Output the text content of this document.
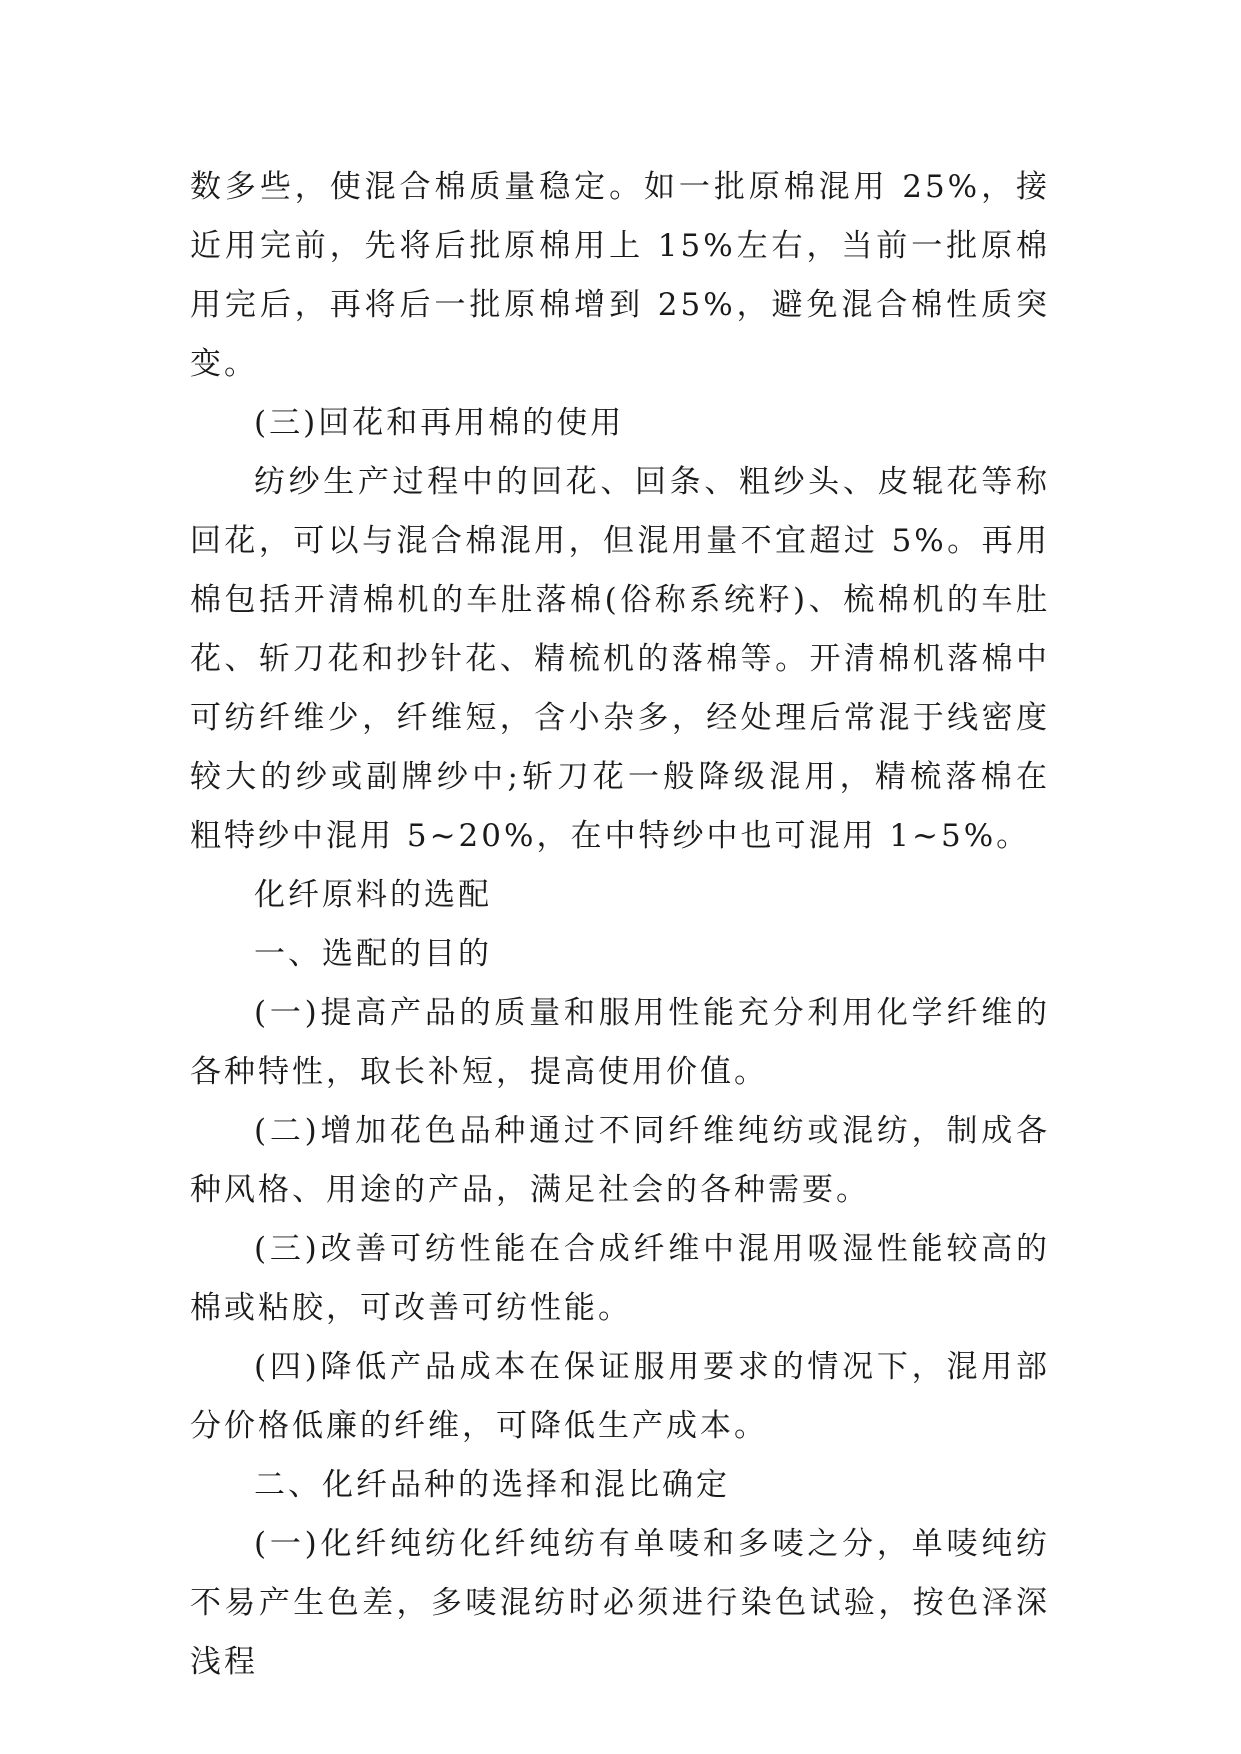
数多些，使混合棉质量稳定。如一批原棉混用 25%，接近用完前，先将后批原棉用上 15%左右，当前一批原棉用完后，再将后一批原棉增到 25%，避免混合棉性质突变。

(三)回花和再用棉的使用

纺纱生产过程中的回花、回条、粗纱头、皮辊花等称回花，可以与混合棉混用，但混用量不宜超过 5%。再用棉包括开清棉机的车肚落棉(俗称系统籽)、梳棉机的车肚花、斩刀花和抄针花、精梳机的落棉等。开清棉机落棉中可纺纤维少，纤维短，含小杂多，经处理后常混于线密度较大的纱或副牌纱中;斩刀花一般降级混用，精梳落棉在粗特纱中混用 5~20%，在中特纱中也可混用 1~5%。

化纤原料的选配

一、选配的目的

(一)提高产品的质量和服用性能充分利用化学纤维的各种特性，取长补短，提高使用价值。

(二)增加花色品种通过不同纤维纯纺或混纺，制成各种风格、用途的产品，满足社会的各种需要。

(三)改善可纺性能在合成纤维中混用吸湿性能较高的棉或粘胶，可改善可纺性能。

(四)降低产品成本在保证服用要求的情况下，混用部分价格低廉的纤维，可降低生产成本。

二、化纤品种的选择和混比确定

(一)化纤纯纺化纤纯纺有单唛和多唛之分，单唛纯纺不易产生色差，多唛混纺时必须进行染色试验，按色泽深浅程
